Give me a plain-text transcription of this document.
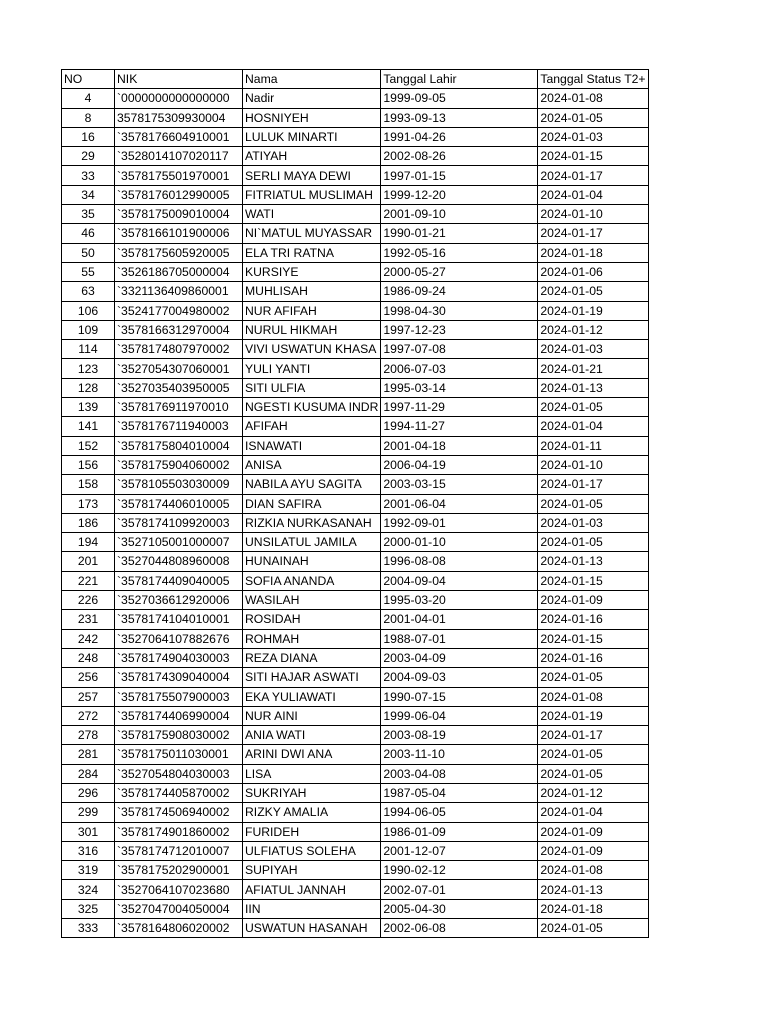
NO	NIK	Nama	Tanggal Lahir	Tanggal Status T2+
4	`0000000000000000	Nadir	1999-09-05	2024-01-08
8	3578175309930004	HOSNIYEH	1993-09-13	2024-01-05
16	`3578176604910001	LULUK MINARTI	1991-04-26	2024-01-03
29	`3528014107020117	ATIYAH	2002-08-26	2024-01-15
33	`3578175501970001	SERLI MAYA DEWI	1997-01-15	2024-01-17
34	`3578176012990005	FITRIATUL MUSLIMAH	1999-12-20	2024-01-04
35	`3578175009010004	WATI	2001-09-10	2024-01-10
46	`3578166101900006	NI`MATUL MUYASSAR	1990-01-21	2024-01-17
50	`3578175605920005	ELA TRI RATNA	1992-05-16	2024-01-18
55	`3526186705000004	KURSIYE	2000-05-27	2024-01-06
63	`3321136409860001	MUHLISAH	1986-09-24	2024-01-05
106	`3524177004980002	NUR AFIFAH	1998-04-30	2024-01-19
109	`3578166312970004	NURUL HIKMAH	1997-12-23	2024-01-12
114	`3578174807970002	VIVI USWATUN KHASA	1997-07-08	2024-01-03
123	`3527054307060001	YULI YANTI	2006-07-03	2024-01-21
128	`3527035403950005	SITI ULFIA	1995-03-14	2024-01-13
139	`3578176911970010	NGESTI KUSUMA INDR	1997-11-29	2024-01-05
141	`3578176711940003	AFIFAH	1994-11-27	2024-01-04
152	`3578175804010004	ISNAWATI	2001-04-18	2024-01-11
156	`3578175904060002	ANISA	2006-04-19	2024-01-10
158	`3578105503030009	NABILA AYU SAGITA	2003-03-15	2024-01-17
173	`3578174406010005	DIAN SAFIRA	2001-06-04	2024-01-05
186	`3578174109920003	RIZKIA NURKASANAH	1992-09-01	2024-01-03
194	`3527105001000007	UNSILATUL JAMILA	2000-01-10	2024-01-05
201	`3527044808960008	HUNAINAH	1996-08-08	2024-01-13
221	`3578174409040005	SOFIA ANANDA	2004-09-04	2024-01-15
226	`3527036612920006	WASILAH	1995-03-20	2024-01-09
231	`3578174104010001	ROSIDAH	2001-04-01	2024-01-16
242	`3527064107882676	ROHMAH	1988-07-01	2024-01-15
248	`3578174904030003	REZA DIANA	2003-04-09	2024-01-16
256	`3578174309040004	SITI HAJAR ASWATI	2004-09-03	2024-01-05
257	`3578175507900003	EKA YULIAWATI	1990-07-15	2024-01-08
272	`3578174406990004	NUR AINI	1999-06-04	2024-01-19
278	`3578175908030002	ANIA WATI	2003-08-19	2024-01-17
281	`3578175011030001	ARINI DWI ANA	2003-11-10	2024-01-05
284	`3527054804030003	LISA	2003-04-08	2024-01-05
296	`3578174405870002	SUKRIYAH	1987-05-04	2024-01-12
299	`3578174506940002	RIZKY AMALIA	1994-06-05	2024-01-04
301	`3578174901860002	FURIDEH	1986-01-09	2024-01-09
316	`3578174712010007	ULFIATUS SOLEHA	2001-12-07	2024-01-09
319	`3578175202900001	SUPIYAH	1990-02-12	2024-01-08
324	`3527064107023680	AFIATUL JANNAH	2002-07-01	2024-01-13
325	`3527047004050004	IIN	2005-04-30	2024-01-18
333	`3578164806020002	USWATUN HASANAH	2002-06-08	2024-01-05
